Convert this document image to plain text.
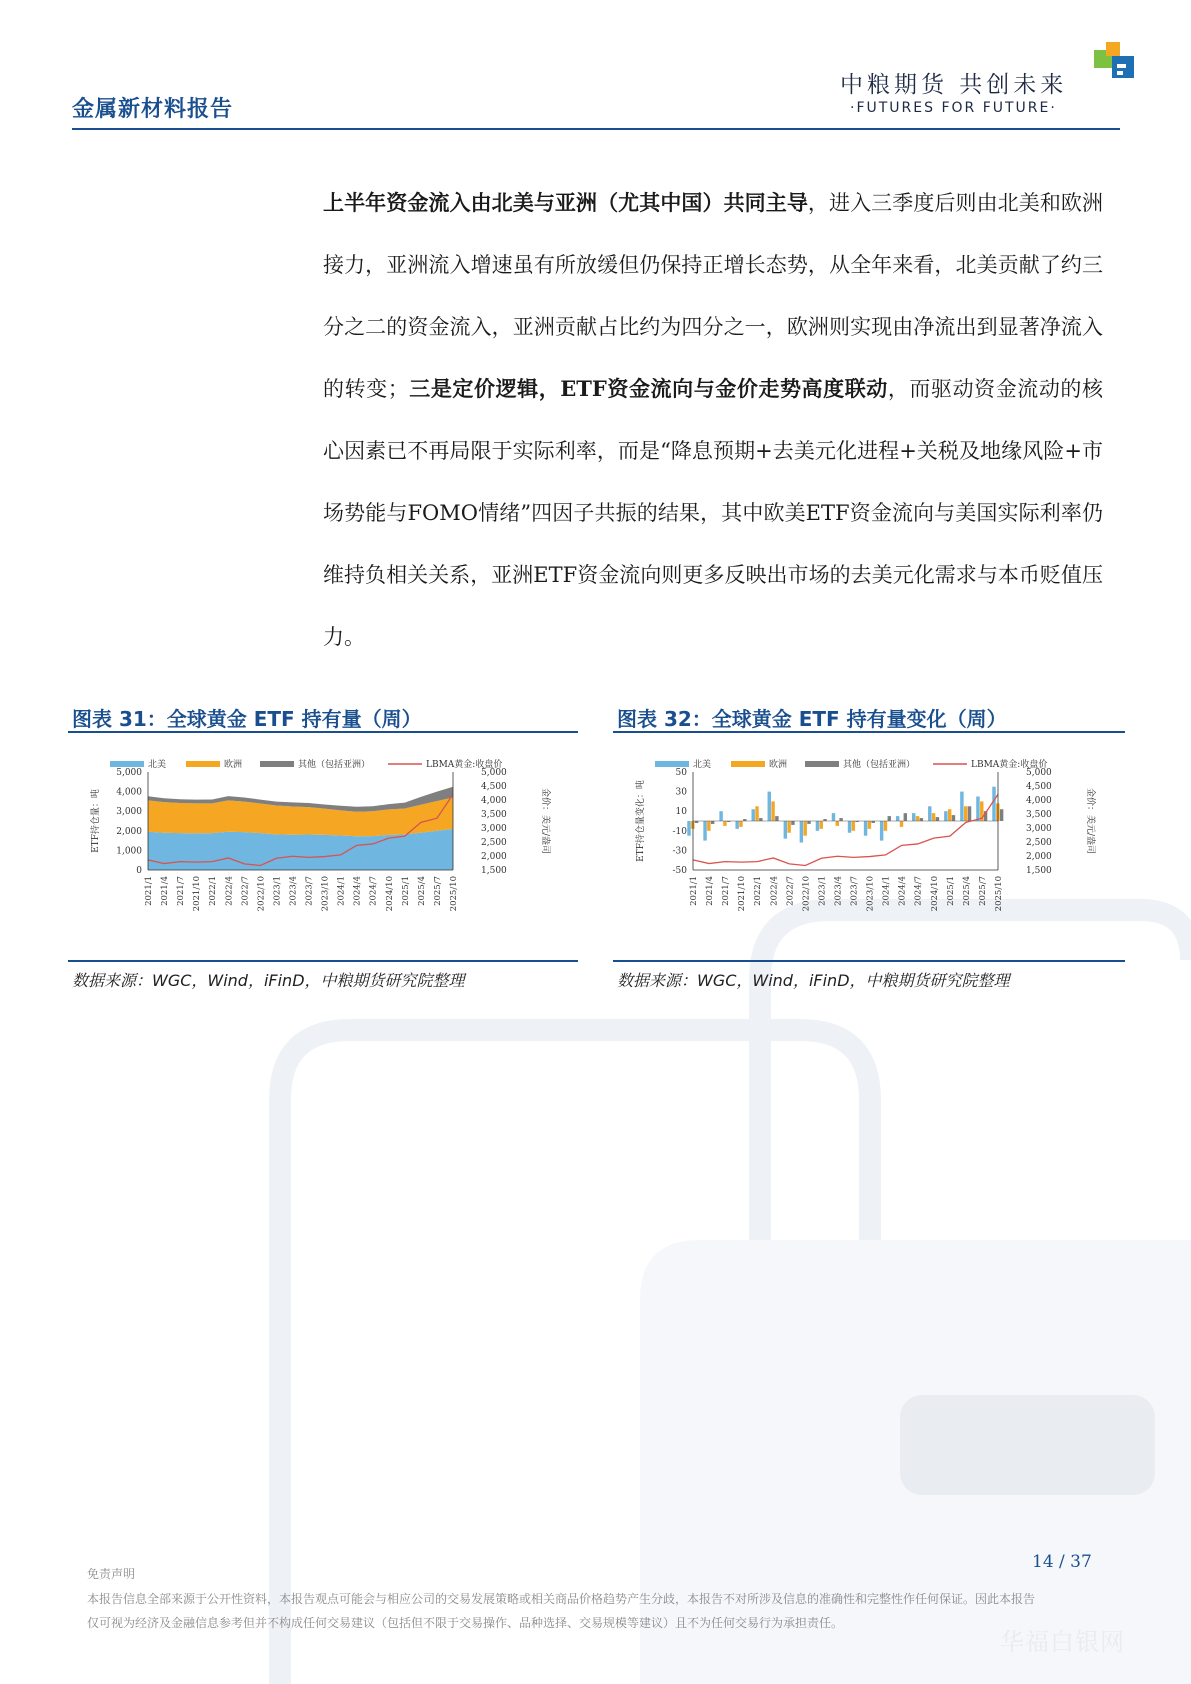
金属新材料报告
中粮期货 共创未来
·FUTURES FOR FUTURE·
上半年资金流入由北美与亚洲（尤其中国）共同主导，进入三季度后则由北美和欧洲接力，亚洲流入增速虽有所放缓但仍保持正增长态势，从全年来看，北美贡献了约三分之二的资金流入，亚洲贡献占比约为四分之一，欧洲则实现由净流出到显著净流入的转变；三是定价逻辑，ETF资金流向与金价走势高度联动，而驱动资金流动的核心因素已不再局限于实际利率，而是“降息预期+去美元化进程+关税及地缘风险+市场势能与FOMO情绪”四因子共振的结果，其中欧美ETF资金流向与美国实际利率仍维持负相关关系，亚洲ETF资金流向则更多反映出市场的去美元化需求与本币贬值压力。
图表 31：全球黄金 ETF 持有量（周）
北美	欧洲	其他（包括亚洲）	LBMA黄金:收盘价
5,000
4,000
3,000
2,000
1,000
0
5,000
4,500
4,000
3,500
3,000
2,500
2,000
1,500
ETF持仓量：吨	金价：美元/盎司
2021/1 2021/4 2021/7 2021/10 2022/1 2022/4 2022/7 2022/10 2023/1 2023/4 2023/7 2023/10 2024/1 2024/4 2024/7 2024/10 2025/1 2025/4 2025/7 2025/10
数据来源：WGC，Wind，iFinD，中粮期货研究院整理
图表 32：全球黄金 ETF 持有量变化（周）
北美	欧洲	其他（包括亚洲）	LBMA黄金:收盘价
50
30
10
-10
-30
-50
5,000
4,500
4,000
3,500
3,000
2,500
2,000
1,500
ETF持仓量变化：吨	金价：美元/盎司
2021/1 2021/4 2021/7 2021/10 2022/1 2022/4 2022/7 2022/10 2023/1 2023/4 2023/7 2023/10 2024/1 2024/4 2024/7 2024/10 2025/1 2025/4 2025/7 2025/10
数据来源：WGC，Wind，iFinD，中粮期货研究院整理
14 / 37
免责声明
本报告信息全部来源于公开性资料，本报告观点可能会与相应公司的交易发展策略或相关商品价格趋势产生分歧，本报告不对所涉及信息的准确性和完整性作任何保证。因此本报告仅可视为经济及金融信息参考但并不构成任何交易建议（包括但不限于交易操作、品种选择、交易规模等建议）且不为任何交易行为承担责任。
华福白银网
